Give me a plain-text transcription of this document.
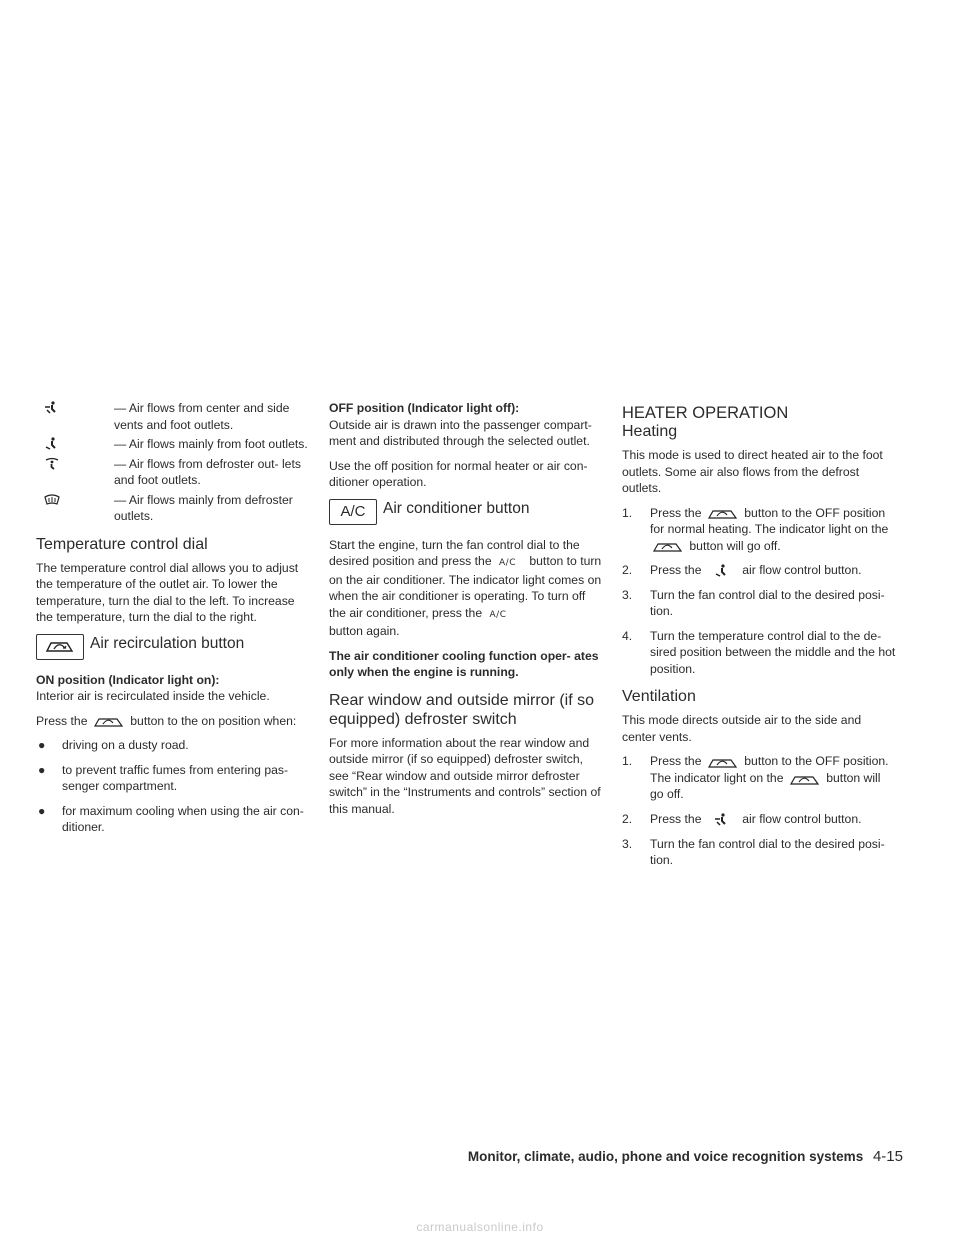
— Air flows from center and side vents and foot outlets.
— Air flows mainly from foot outlets.
— Air flows from defroster out- lets and foot outlets.
— Air flows mainly from defroster outlets.
Temperature control dial

The temperature control dial allows you to adjust the temperature of the outlet air. To lower the temperature, turn the dial to the left. To increase the temperature, turn the dial to the right.

Air recirculation button

ON position (Indicator light on):

Interior air is recirculated inside the vehicle.

Press the	button to the on position when:

● driving on a dusty road.
● to prevent traffic fumes from entering pas- senger compartment.
● for maximum cooling when using the air con- ditioner.

OFF position (Indicator light off):

Outside air is drawn into the passenger compart- ment and distributed through the selected outlet.

Use the off position for normal heater or air con- ditioner operation.

A/C	Air conditioner button

Start the engine, turn the fan control dial to the desired position and press the A/C button to turn on the air conditioner. The indicator light comes on when the air conditioner is operating. To turn off the air conditioner, press the A/C
button again.

The air conditioner cooling function oper- ates only when the engine is running.

Rear window and outside mirror (if so equipped) defroster switch

For more information about the rear window and outside mirror (if so equipped) defroster switch, see “Rear window and outside mirror defroster switch” in the “Instruments and controls” section of this manual.

HEATER OPERATION
Heating

This mode is used to direct heated air to the foot outlets. Some air also flows from the defrost outlets.

1. Press the	button to the OFF position for normal heating. The indicator light on the  button will go off.
2. Press the	air flow control button.
3. Turn the fan control dial to the desired posi- tion.
4. Turn the temperature control dial to the de- sired position between the middle and the hot position.
Ventilation

This mode directs outside air to the side and center vents.

1. Press the	button to the OFF position. The indicator light on the	button will go off.
2. Press the	air flow control button.
3. Turn the fan control dial to the desired posi- tion.
Monitor, climate, audio, phone and voice recognition systems 4-15
carmanualsonline.info
